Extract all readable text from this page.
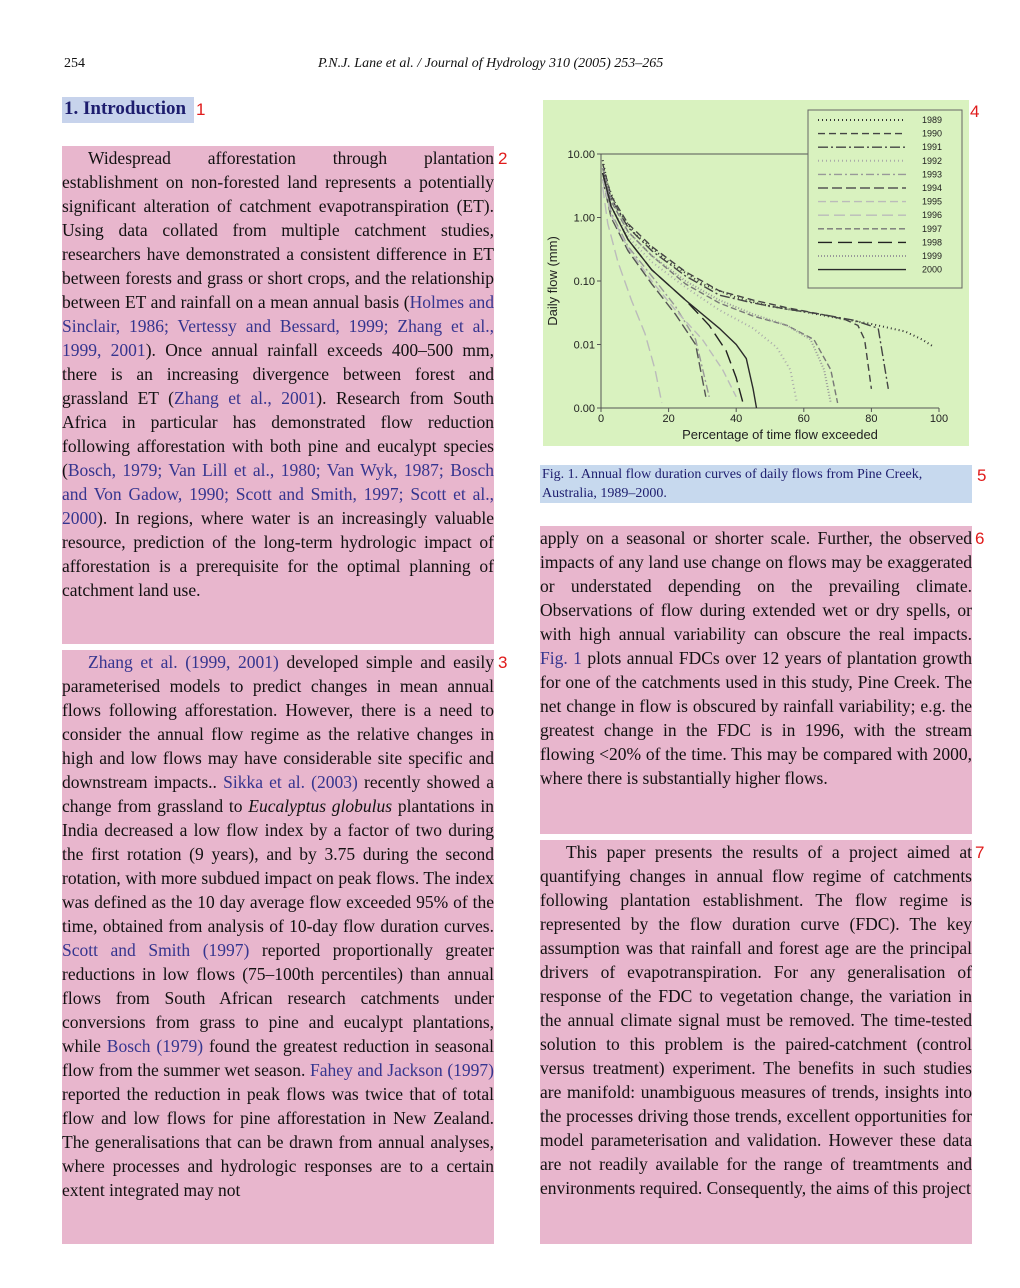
254	P.N.J. Lane et al. / Journal of Hydrology 310 (2005) 253–265
1. Introduction 1

Widespread afforestation through plantation establishment on non-forested land represents a potentially significant alteration of catchment evapotranspiration (ET). Using data collated from multiple catchment studies, researchers have demonstrated a consistent difference in ET between forests and grass or short crops, and the relationship between ET and rainfall on a mean annual basis (Holmes and Sinclair, 1986; Vertessy and Bessard, 1999; Zhang et al., 1999, 2001). Once annual rainfall exceeds 400–500 mm, there is an increasing divergence between forest and grassland ET (Zhang et al., 2001). Research from South Africa in particular has demonstrated flow reduction following afforestation with both pine and eucalypt species (Bosch, 1979; Van Lill et al., 1980; Van Wyk, 1987; Bosch and Von Gadow, 1990; Scott and Smith, 1997; Scott et al., 2000). In regions, where water is an increasingly valuable resource, prediction of the long-term hydrologic impact of afforestation is a prerequisite for the optimal planning of catchment land use.

2

Zhang et al. (1999, 2001) developed simple and easily parameterised models to predict changes in mean annual flows following afforestation. However, there is a need to consider the annual flow regime as the relative changes in high and low flows may have considerable site specific and downstream impacts.. Sikka et al. (2003) recently showed a change from grassland to Eucalyptus globulus plantations in India decreased a low flow index by a factor of two during the first rotation (9 years), and by 3.75 during the second rotation, with more subdued impact on peak flows. The index was defined as the 10 day average flow exceeded 95% of the time, obtained from analysis of 10-day flow duration curves. Scott and Smith (1997) reported proportionally greater reductions in low flows (75–100th percentiles) than annual flows from South African research catchments under conversions from grass to pine and eucalypt plantations, while Bosch (1979) found the greatest reduction in seasonal flow from the summer wet season. Fahey and Jackson (1997) reported the reduction in peak flows was twice that of total flow and low flows for pine afforestation in New Zealand. The generalisations that can be drawn from annual analyses, where processes and hydrologic responses are to a certain extent integrated may not

3
0	20	40	60	80	100
0.00
0.01
0.10
1.00
10.00
Percentage of time flow exceeded
Daily flow (mm)
1989
1990
1991
1992
1993
1994
1995
1996
1997
1998
1999
2000
4
Fig. 1. Annual flow duration curves of daily flows from Pine Creek, Australia, 1989–2000.
5

apply on a seasonal or shorter scale. Further, the observed impacts of any land use change on flows may be exaggerated or understated depending on the prevailing climate. Observations of flow during extended wet or dry spells, or with high annual variability can obscure the real impacts. Fig. 1 plots annual FDCs over 12 years of plantation growth for one of the catchments used in this study, Pine Creek. The net change in flow is obscured by rainfall variability; e.g. the greatest change in the FDC is in 1996, with the stream flowing <20% of the time. This may be compared with 2000, where there is substantially higher flows.

6

This paper presents the results of a project aimed at quantifying changes in annual flow regime of catchments following plantation establishment. The flow regime is represented by the flow duration curve (FDC). The key assumption was that rainfall and forest age are the principal drivers of evapotranspiration. For any generalisation of response of the FDC to vegetation change, the variation in the annual climate signal must be removed. The time-tested solution to this problem is the paired-catchment (control versus treatment) experiment. The benefits in such studies are manifold: unambiguous measures of trends, insights into the processes driving those trends, excellent opportunities for model parameterisation and validation. However these data are not readily available for the range of treamtments and environments required. Consequently, the aims of this project

7
